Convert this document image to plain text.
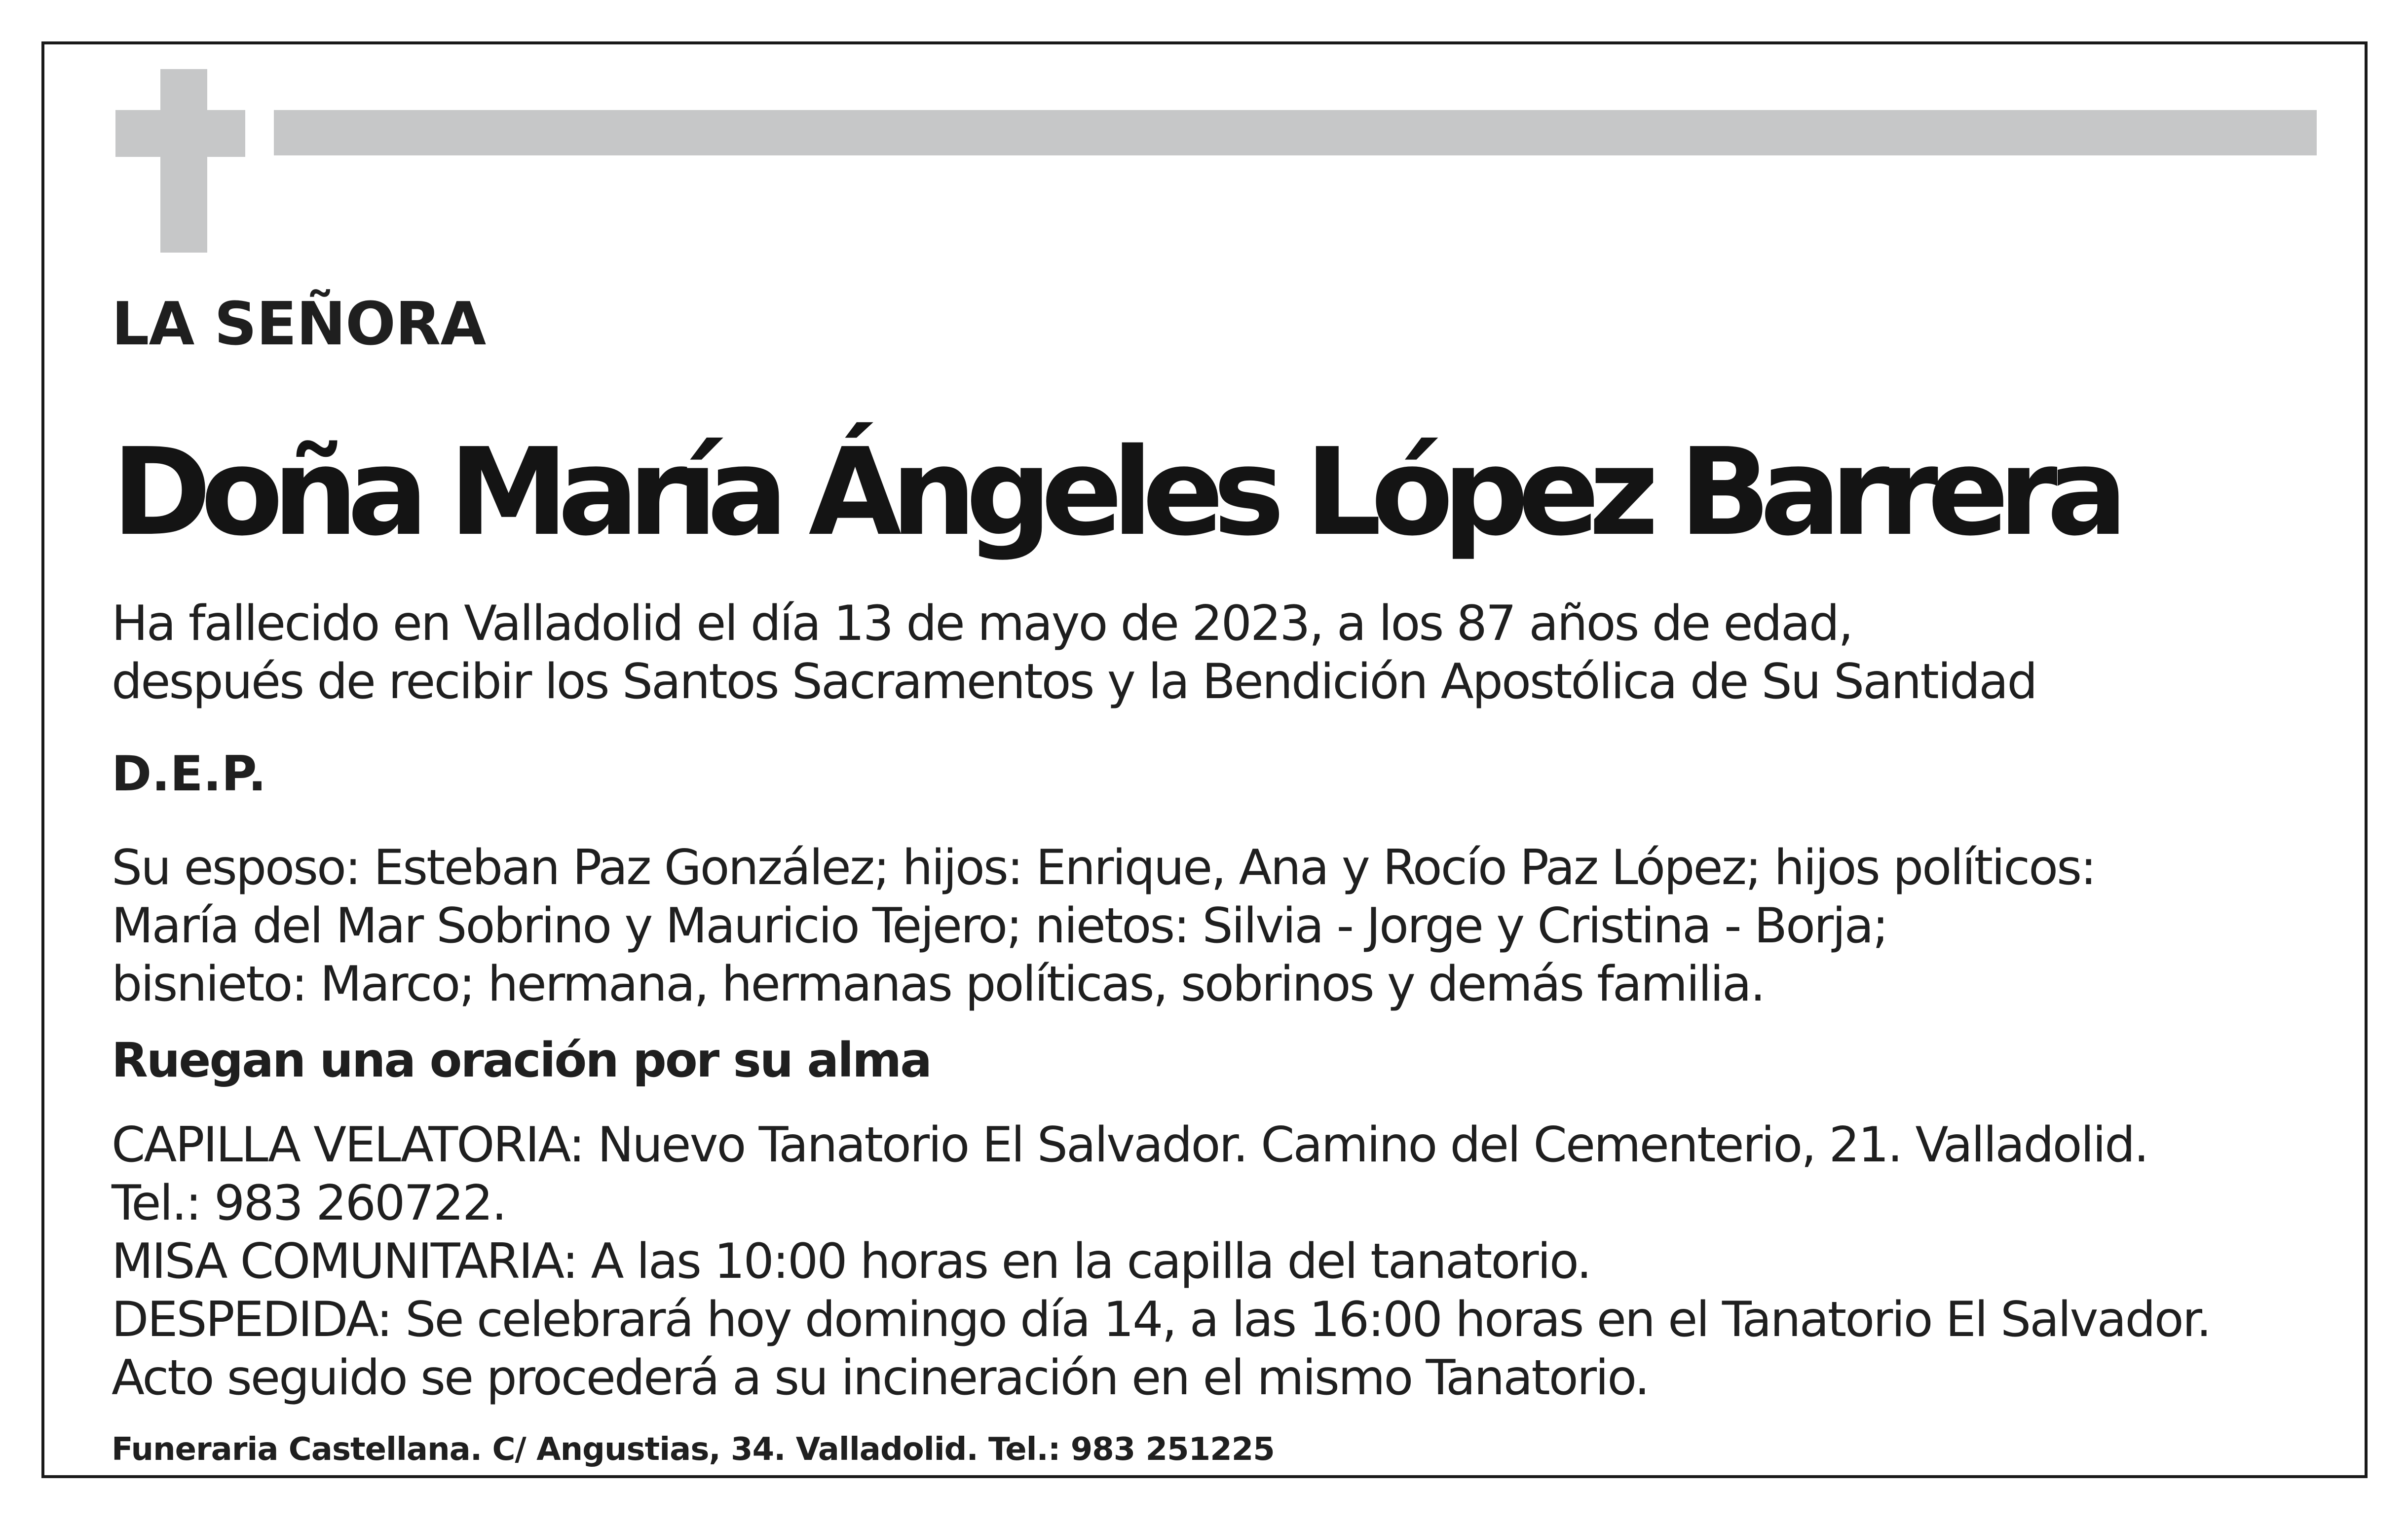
LA SEÑORA

Doña María Ángeles López Barrera

Ha fallecido en Valladolid el día 13 de mayo de 2023, a los 87 años de edad,

después de recibir los Santos Sacramentos y la Bendición Apostólica de Su Santidad

D.E.P.

Su esposo: Esteban Paz González; hijos: Enrique, Ana y Rocío Paz López; hijos políticos:

María del Mar Sobrino y Mauricio Tejero; nietos: Silvia - Jorge y Cristina - Borja;

bisnieto: Marco; hermana, hermanas políticas, sobrinos y demás familia.

Ruegan una oración por su alma

CAPILLA VELATORIA: Nuevo Tanatorio El Salvador. Camino del Cementerio, 21. Valladolid.

Tel.: 983 260722.

MISA COMUNITARIA: A las 10:00 horas en la capilla del tanatorio.

DESPEDIDA: Se celebrará hoy domingo día 14, a las 16:00 horas en el Tanatorio El Salvador.

Acto seguido se procederá a su incineración en el mismo Tanatorio.

Funeraria Castellana. C/ Angustias, 34. Valladolid. Tel.: 983 251225
